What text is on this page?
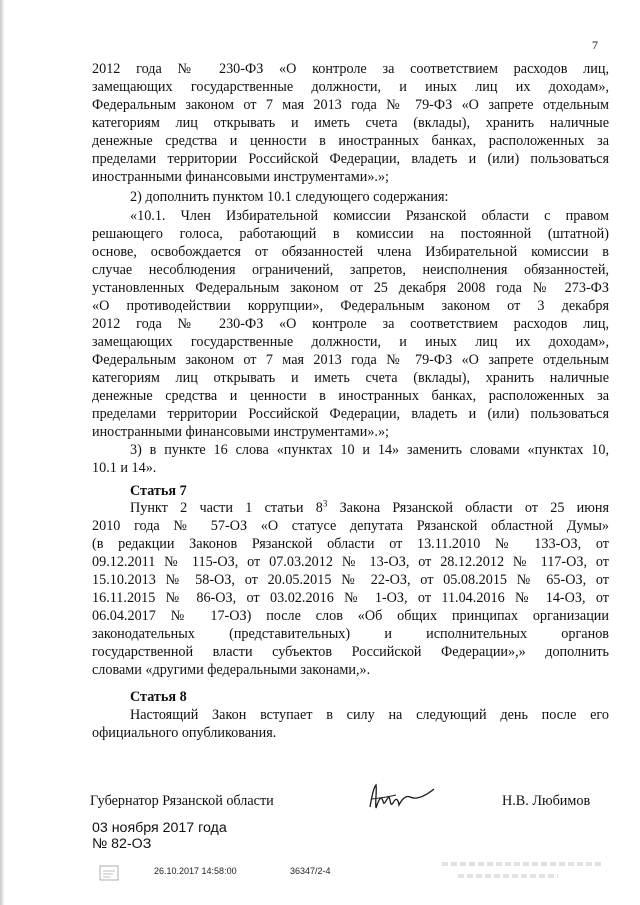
7
2012 года № 230-ФЗ «О контроле за соответствием расходов лиц,
замещающих государственные должности, и иных лиц их доходам»,
Федеральным законом от 7 мая 2013 года № 79-ФЗ «О запрете отдельным
категориям лиц открывать и иметь счета (вклады), хранить наличные
денежные средства и ценности в иностранных банках, расположенных за
пределами территории Российской Федерации, владеть и (или) пользоваться
иностранными финансовыми инструментами».»;
2) дополнить пунктом 10.1 следующего содержания:
«10.1. Член Избирательной комиссии Рязанской области с правом
решающего голоса, работающий в комиссии на постоянной (штатной)
основе, освобождается от обязанностей члена Избирательной комиссии в
случае несоблюдения ограничений, запретов, неисполнения обязанностей,
установленных Федеральным законом от 25 декабря 2008 года № 273-ФЗ
«О противодействии коррупции», Федеральным законом от 3 декабря
2012 года № 230-ФЗ «О контроле за соответствием расходов лиц,
замещающих государственные должности, и иных лиц их доходам»,
Федеральным законом от 7 мая 2013 года № 79-ФЗ «О запрете отдельным
категориям лиц открывать и иметь счета (вклады), хранить наличные
денежные средства и ценности в иностранных банках, расположенных за
пределами территории Российской Федерации, владеть и (или) пользоваться
иностранными финансовыми инструментами».»;
3) в пункте 16 слова «пунктах 10 и 14» заменить словами «пунктах 10,
10.1 и 14».
Статья 7
Пункт 2 части 1 статьи $8^3$ Закона Рязанской области от 25 июня
2010 года № 57-ОЗ «О статусе депутата Рязанской областной Думы»
(в редакции Законов Рязанской области от 13.11.2010 № 133-ОЗ, от
09.12.2011 № 115-ОЗ, от 07.03.2012 № 13-ОЗ, от 28.12.2012 № 117-ОЗ, от
15.10.2013 № 58-ОЗ, от 20.05.2015 № 22-ОЗ, от 05.08.2015 № 65-ОЗ, от
16.11.2015 № 86-ОЗ, от 03.02.2016 № 1-ОЗ, от 11.04.2016 № 14-ОЗ, от
06.04.2017 № 17-ОЗ) после слов «Об общих принципах организации
законодательных (представительных) и исполнительных органов
государственной власти субъектов Российской Федерации»,» дополнить
словами «другими федеральными законами,».
Статья 8
Настоящий Закон вступает в силу на следующий день после его
официального опубликования.
Губернатор Рязанской области	Н.В. Любимов
03 ноября 2017 года
№ 82-ОЗ
26.10.2017 14:58:00	36347/2-4
